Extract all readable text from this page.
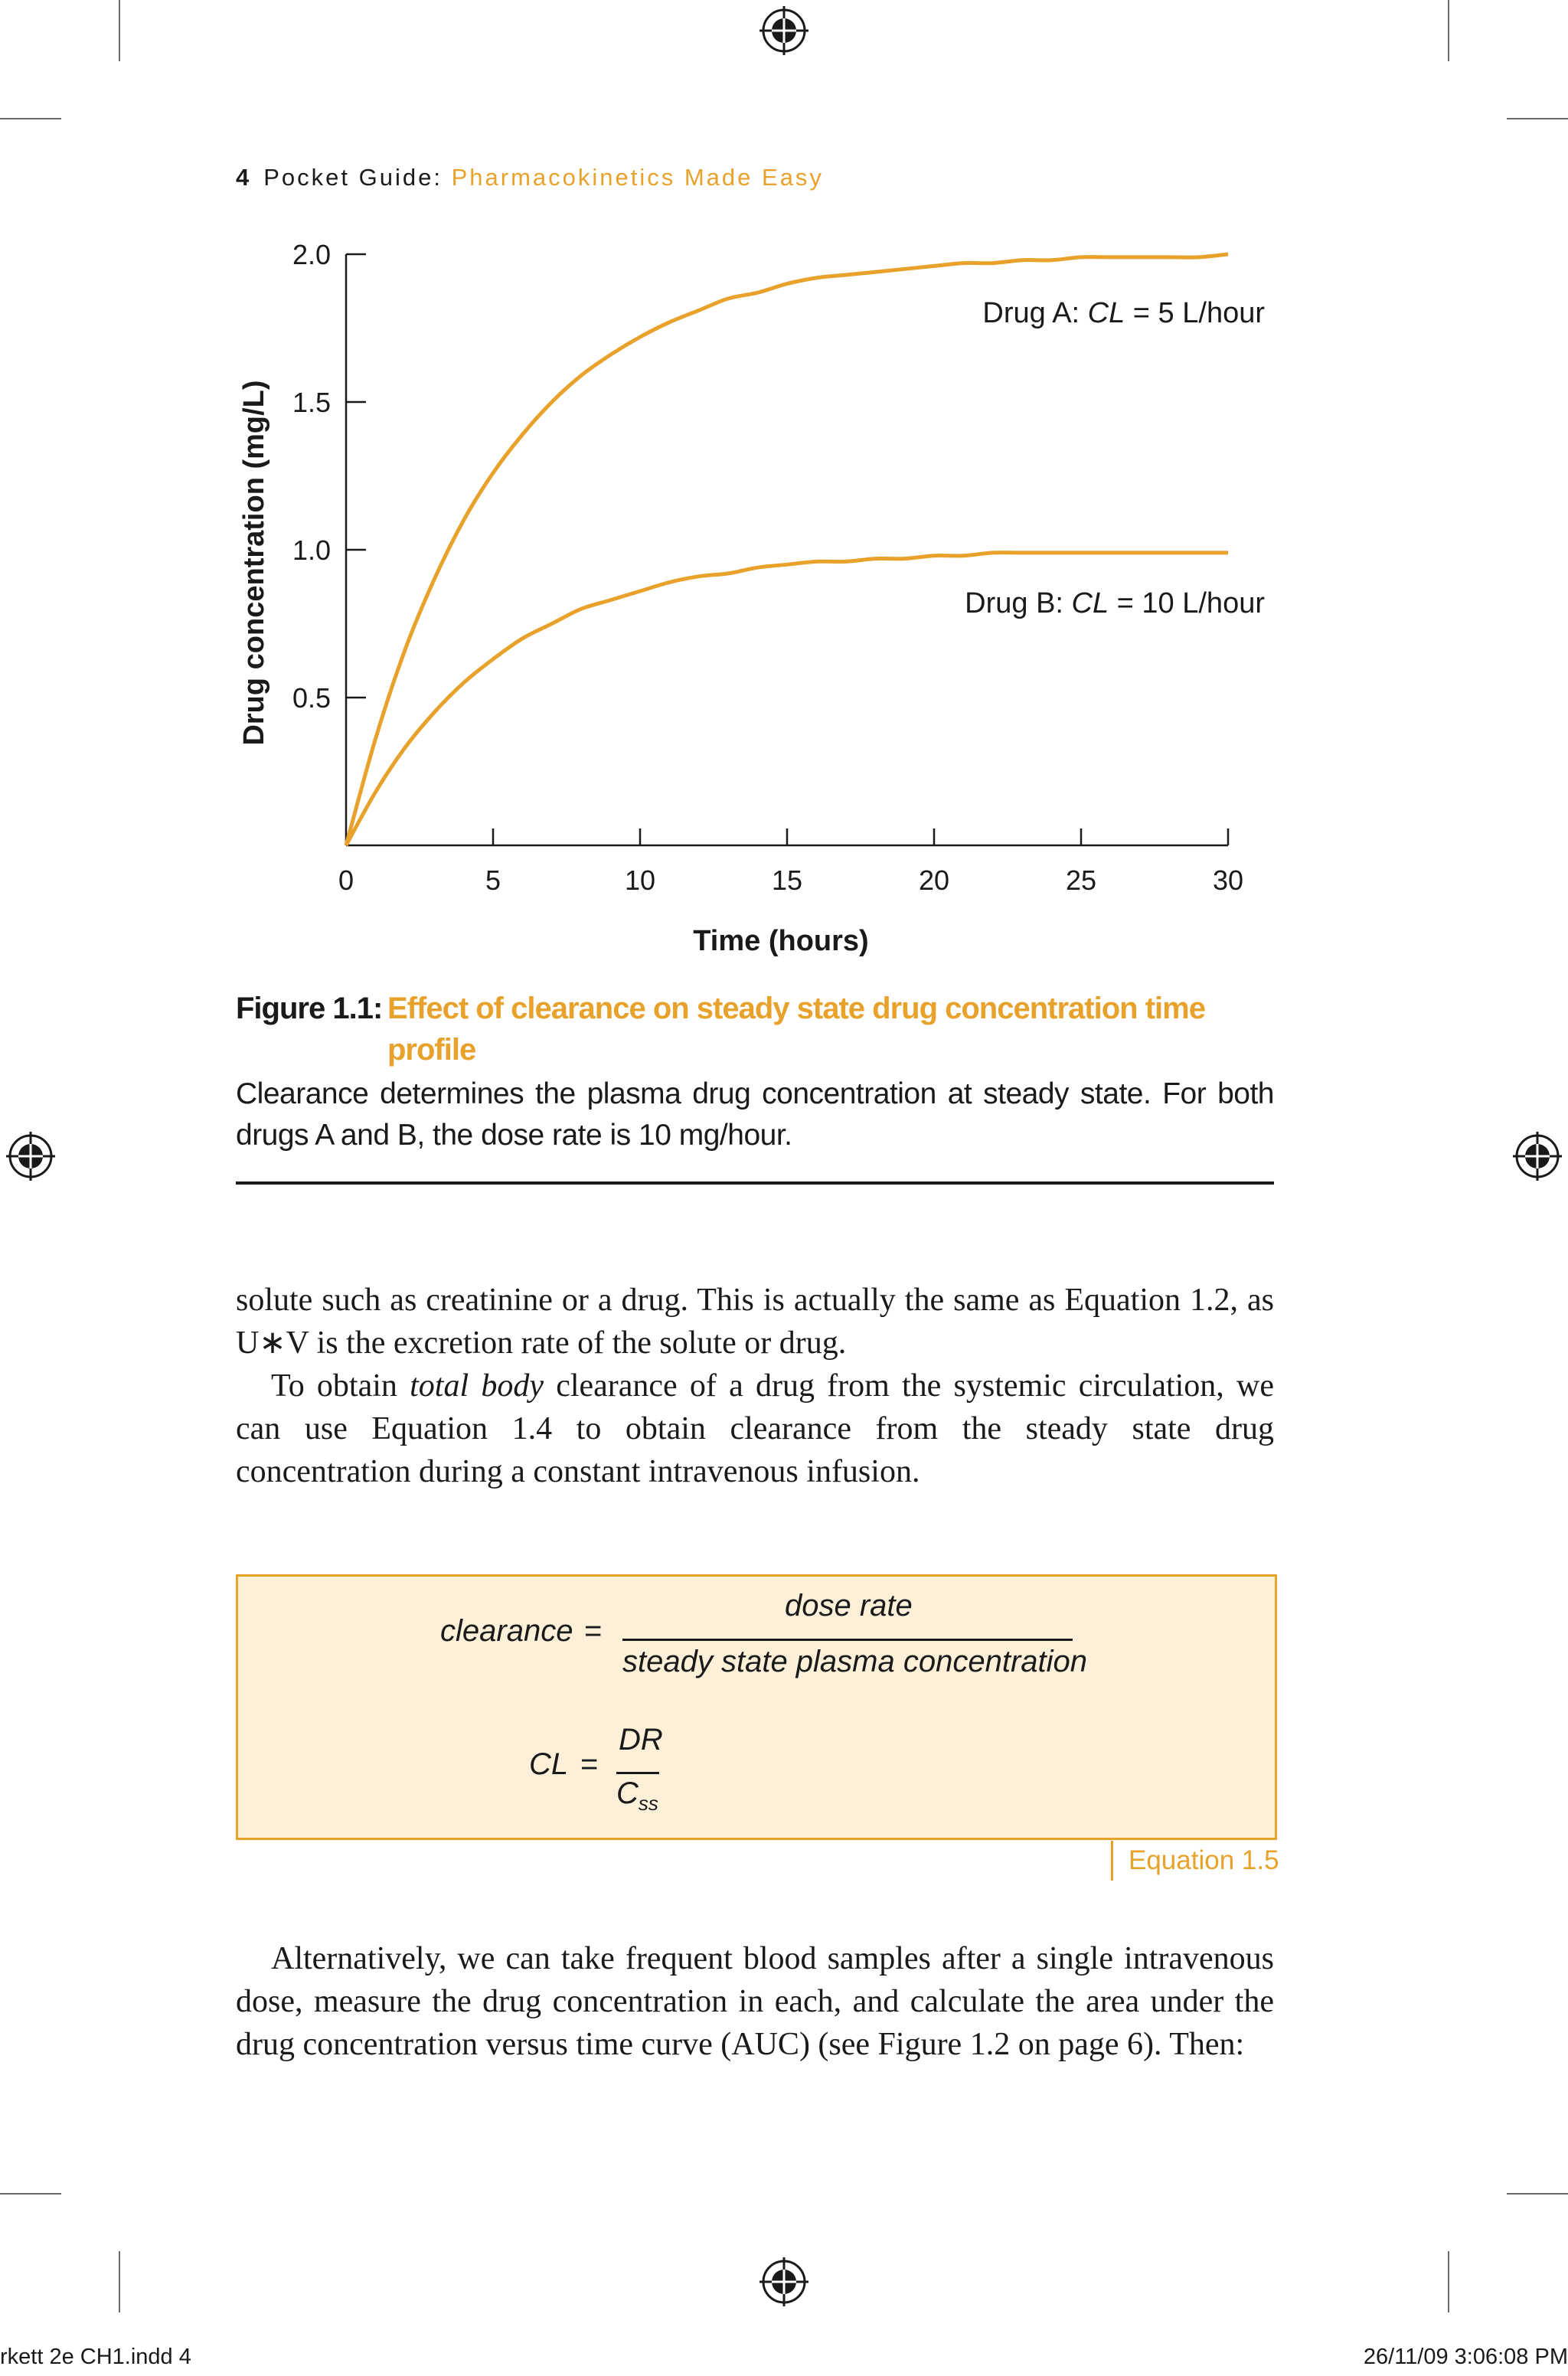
4 Pocket Guide: Pharmacokinetics Made Easy
0.5
1.0
1.5
2.0
0	5	10	15	20	25	30
Drug A: CL = 5 L/hour
Drug B: CL = 10 L/hour
Time (hours)
Drug concentration (mg/L)
Figure 1.1: Effect of clearance on steady state drug concentration time profile
Clearance determines the plasma drug concentration at steady state. For both drugs A and B, the dose rate is 10 mg/hour.
solute such as creatinine or a drug. This is actually the same as Equation 1.2, as U∗V is the excretion rate of the solute or drug.
To obtain total body clearance of a drug from the systemic circulation, we can use Equation 1.4 to obtain clearance from the steady state drug concentration during a constant intravenous infusion.
clearance =
dose rate
steady state plasma concentration
CL =
DR
$C_{ss}$
Equation 1.5
Alternatively, we can take frequent blood samples after a single intravenous dose, measure the drug concentration in each, and calculate the area under the drug concentration versus time curve (AUC) (see Figure 1.2 on page 6). Then:
rkett 2e CH1.indd 4	26/11/09 3:06:08 PM
